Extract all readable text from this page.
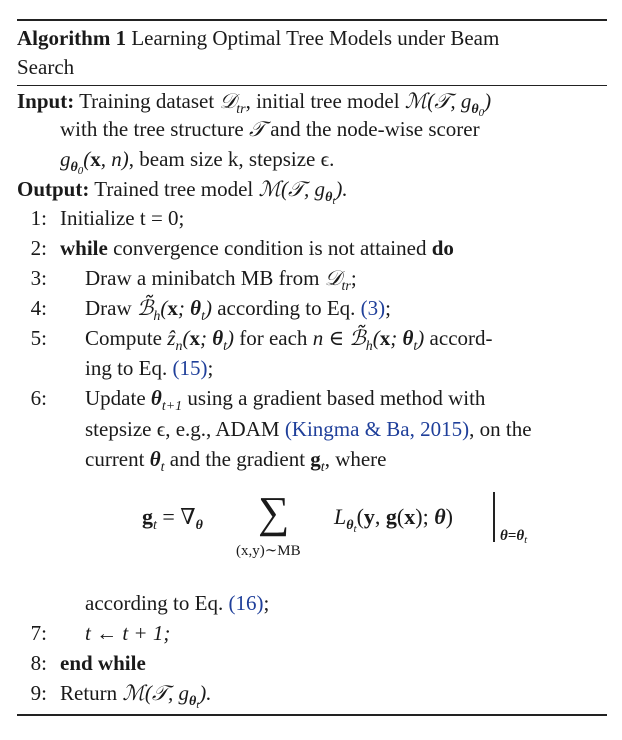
Algorithm 1 Learning Optimal Tree Models under Beam
Search
Input: Training dataset 𝒟$_{tr}$, initial tree model ℳ(𝒯, $g_{\theta_0}$)
with the tree structure 𝒯 and the node-wise scorer
$g_{\theta_0}(x$, n), beam size k, stepsize ϵ.
Output: Trained tree model ℳ(𝒯, $g_{\theta_t}$).
1: Initialize t = 0;
2: while convergence condition is not attained do
3: Draw a minibatch MB from 𝒟$_{tr}$;
4: Draw $ℬ̃_h(x$; $\theta_t$) according to Eq. (3);
5: Compute ẑ$_n$(x; $\theta_t$) for each n ∈ $ℬ̃_h(x$; $\theta_t$) accord-
ing to Eq. (15);
6: Update $\theta_{t+1}$ using a gradient based method with
stepsize ϵ, e.g., ADAM (Kingma & Ba, 2015), on the
current $\theta_t$ and the gradient $g_t$, where
$g_t = \nabla_\theta$ ∑
(x,y)∼MB
$L_{\theta_t}(y$, g(x); θ)
$\theta=\theta_t$
according to Eq. (16);
7: t ← t + 1;
8: end while
9: Return ℳ(𝒯, $g_{\theta_t}$).
